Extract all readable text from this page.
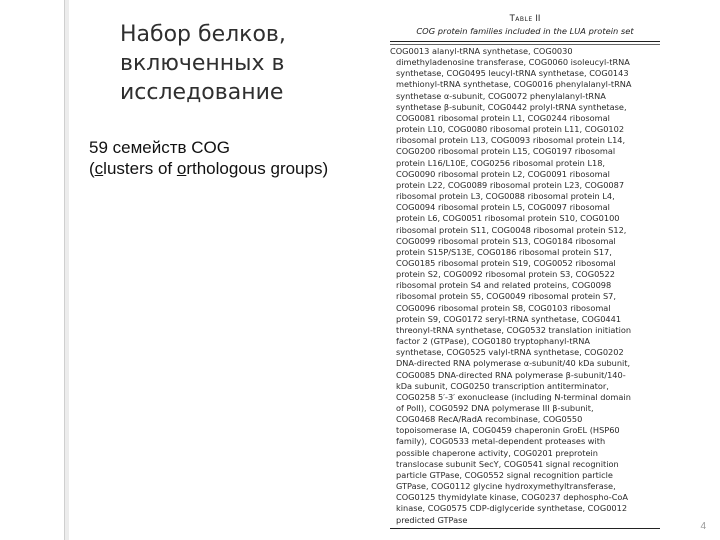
Набор белков,
включенных в
исследование
59 семейств COG
(clusters of orthologous groups)
Table II
COG protein families included in the LUA protein set
COG0013 alanyl-tRNA synthetase, COG0030
dimethyladenosine transferase, COG0060 isoleucyl-tRNA
synthetase, COG0495 leucyl-tRNA synthetase, COG0143
methionyl-tRNA synthetase, COG0016 phenylalanyl-tRNA
synthetase α-subunit, COG0072 phenylalanyl-tRNA
synthetase β-subunit, COG0442 prolyl-tRNA synthetase,
COG0081 ribosomal protein L1, COG0244 ribosomal
protein L10, COG0080 ribosomal protein L11, COG0102
ribosomal protein L13, COG0093 ribosomal protein L14,
COG0200 ribosomal protein L15, COG0197 ribosomal
protein L16/L10E, COG0256 ribosomal protein L18,
COG0090 ribosomal protein L2, COG0091 ribosomal
protein L22, COG0089 ribosomal protein L23, COG0087
ribosomal protein L3, COG0088 ribosomal protein L4,
COG0094 ribosomal protein L5, COG0097 ribosomal
protein L6, COG0051 ribosomal protein S10, COG0100
ribosomal protein S11, COG0048 ribosomal protein S12,
COG0099 ribosomal protein S13, COG0184 ribosomal
protein S15P/S13E, COG0186 ribosomal protein S17,
COG0185 ribosomal protein S19, COG0052 ribosomal
protein S2, COG0092 ribosomal protein S3, COG0522
ribosomal protein S4 and related proteins, COG0098
ribosomal protein S5, COG0049 ribosomal protein S7,
COG0096 ribosomal protein S8, COG0103 ribosomal
protein S9, COG0172 seryl-tRNA synthetase, COG0441
threonyl-tRNA synthetase, COG0532 translation initiation
factor 2 (GTPase), COG0180 tryptophanyl-tRNA
synthetase, COG0525 valyl-tRNA synthetase, COG0202
DNA-directed RNA polymerase α-subunit/40 kDa subunit,
COG0085 DNA-directed RNA polymerase β-subunit/140-
kDa subunit, COG0250 transcription antiterminator,
COG0258 5′-3′ exonuclease (including N-terminal domain
of PolI), COG0592 DNA polymerase III β-subunit,
COG0468 RecA/RadA recombinase, COG0550
topoisomerase IA, COG0459 chaperonin GroEL (HSP60
family), COG0533 metal-dependent proteases with
possible chaperone activity, COG0201 preprotein
translocase subunit SecY, COG0541 signal recognition
particle GTPase, COG0552 signal recognition particle
GTPase, COG0112 glycine hydroxymethyltransferase,
COG0125 thymidylate kinase, COG0237 dephospho-CoA
kinase, COG0575 CDP-diglyceride synthetase, COG0012
predicted GTPase
4
